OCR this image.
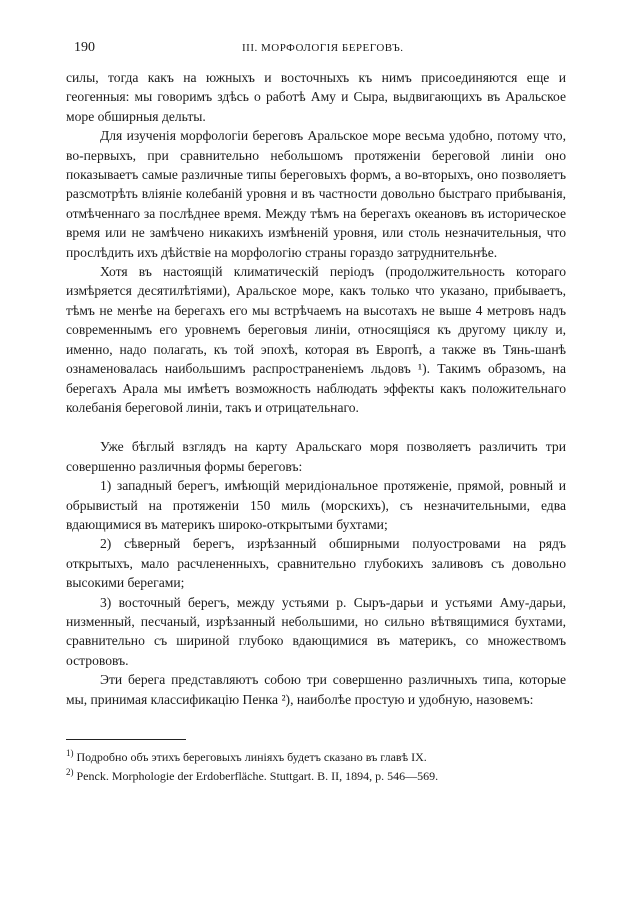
190	III. МОРФОЛОГIЯ БЕРЕГОВЪ.

силы, тогда какъ на южныхъ и восточныхъ къ нимъ присоединяются еще и геогенныя: мы говоримъ здѣсь о работѣ Аму и Сыра, выдвигающихъ въ Аральское море обширныя дельты.

Для изученія морфологіи береговъ Аральское море весьма удобно, потому что, во-первыхъ, при сравнительно небольшомъ протяженіи береговой линіи оно показываетъ самые различные типы береговыхъ формъ, а во-вторыхъ, оно позволяетъ разсмотрѣть вліяніе колебаній уровня и въ частности довольно быстраго прибыванія, отмѣченнаго за послѣднее время. Между тѣмъ на берегахъ океановъ въ историческое время или не замѣчено никакихъ измѣненій уровня, или столь незначительныя, что прослѣдить ихъ дѣйствіе на морфологію страны гораздо затруднительнѣе.

Хотя въ настоящій климатическій періодъ (продолжительность котораго измѣряется десятилѣтіями), Аральское море, какъ только что указано, прибываетъ, тѣмъ не менѣе на берегахъ его мы встрѣчаемъ на высотахъ не выше 4 метровъ надъ современнымъ его уровнемъ береговыя линіи, относящіяся къ другому циклу и, именно, надо полагать, къ той эпохѣ, которая въ Европѣ, а также въ Тянь-шанѣ ознаменовалась наибольшимъ распространеніемъ льдовъ ¹). Такимъ образомъ, на берегахъ Арала мы имѣетъ возможность наблюдать эффекты какъ положительнаго колебанія береговой линіи, такъ и отрицательнаго.

Уже бѣглый взглядъ на карту Аральскаго моря позволяетъ различить три совершенно различныя формы береговъ:

1) западный берегъ, имѣющій меридіональное протяженіе, прямой, ровный и обрывистый на протяженіи 150 миль (морскихъ), съ незначительными, едва вдающимися въ материкъ широко-открытыми бухтами;

2) сѣверный берегъ, изрѣзанный обширными полуостровами на рядъ открытыхъ, мало расчлененныхъ, сравнительно глубокихъ заливовъ съ довольно высокими берегами;

3) восточный берегъ, между устьями р. Сыръ-дарьи и устьями Аму-дарьи, низменный, песчаный, изрѣзанный небольшими, но сильно вѣтвящимися бухтами, сравнительно съ шириной глубоко вдающимися въ материкъ, со множествомъ острововъ.

Эти берега представляютъ собою три совершенно различныхъ типа, которые мы, принимая классификацію Пенка ²), наиболѣе простую и удобную, назовемъ:

$^{1)}$ Подробно объ этихъ береговыхъ линіяхъ будетъ сказано въ главѣ IX.

$^{2)}$ Penck. Morphologie der Erdoberfläche. Stuttgart. B. II, 1894, p. 546—569.
